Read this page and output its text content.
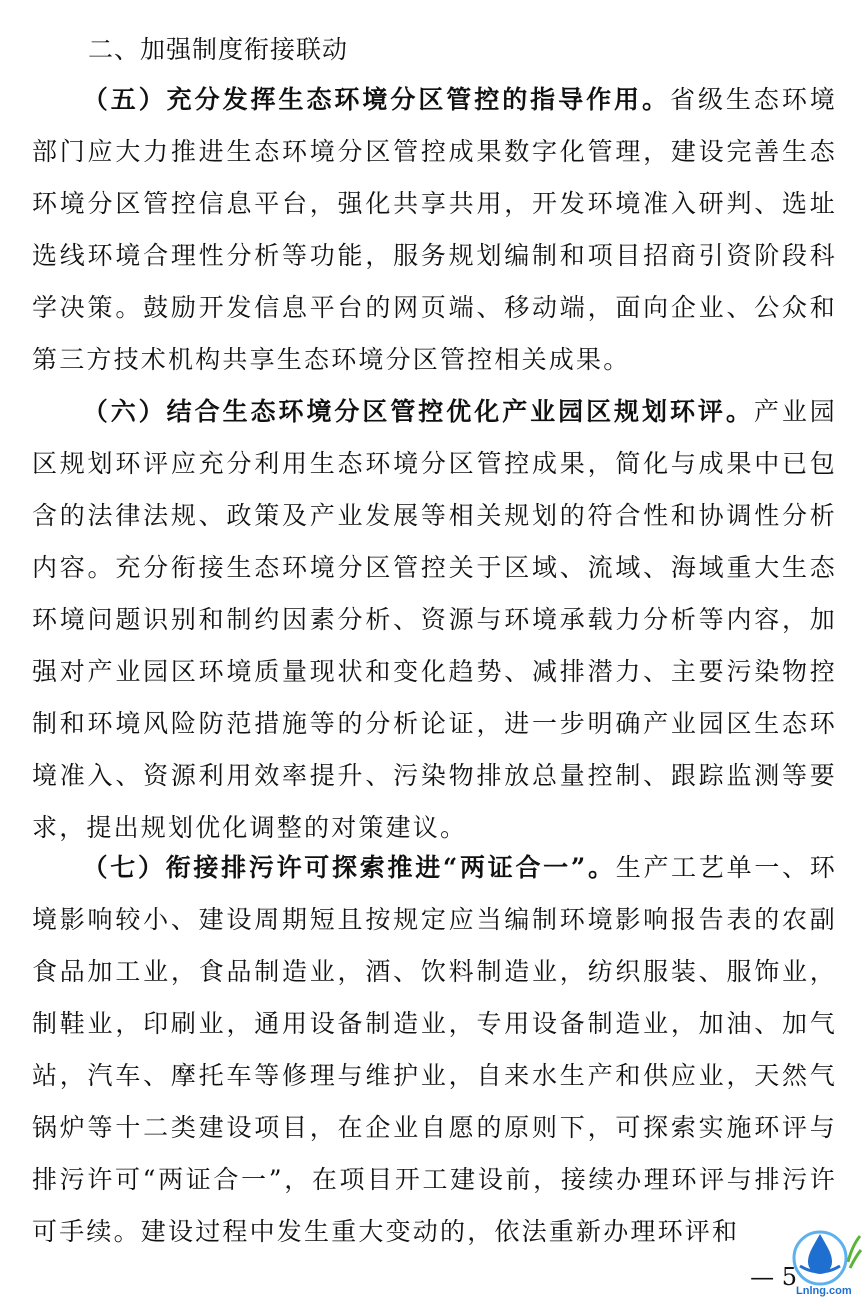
二、加强制度衔接联动
（五）充分发挥生态环境分区管控的指导作用。省级生态环境部门应大力推进生态环境分区管控成果数字化管理，建设完善生态环境分区管控信息平台，强化共享共用，开发环境准入研判、选址选线环境合理性分析等功能，服务规划编制和项目招商引资阶段科学决策。鼓励开发信息平台的网页端、移动端，面向企业、公众和第三方技术机构共享生态环境分区管控相关成果。
（六）结合生态环境分区管控优化产业园区规划环评。产业园区规划环评应充分利用生态环境分区管控成果，简化与成果中已包含的法律法规、政策及产业发展等相关规划的符合性和协调性分析内容。充分衔接生态环境分区管控关于区域、流域、海域重大生态环境问题识别和制约因素分析、资源与环境承载力分析等内容，加强对产业园区环境质量现状和变化趋势、减排潜力、主要污染物控制和环境风险防范措施等的分析论证，进一步明确产业园区生态环境准入、资源利用效率提升、污染物排放总量控制、跟踪监测等要求，提出规划优化调整的对策建议。
（七）衔接排污许可探索推进“两证合一”。生产工艺单一、环境影响较小、建设周期短且按规定应当编制环境影响报告表的农副食品加工业，食品制造业，酒、饮料制造业，纺织服装、服饰业，制鞋业，印刷业，通用设备制造业，专用设备制造业，加油、加气站，汽车、摩托车等修理与维护业，自来水生产和供应业，天然气锅炉等十二类建设项目，在企业自愿的原则下，可探索实施环评与排污许可“两证合一”，在项目开工建设前，接续办理环评与排污许可手续。建设过程中发生重大变动的，依法重新办理环评和
— 5 Lnlng.com
